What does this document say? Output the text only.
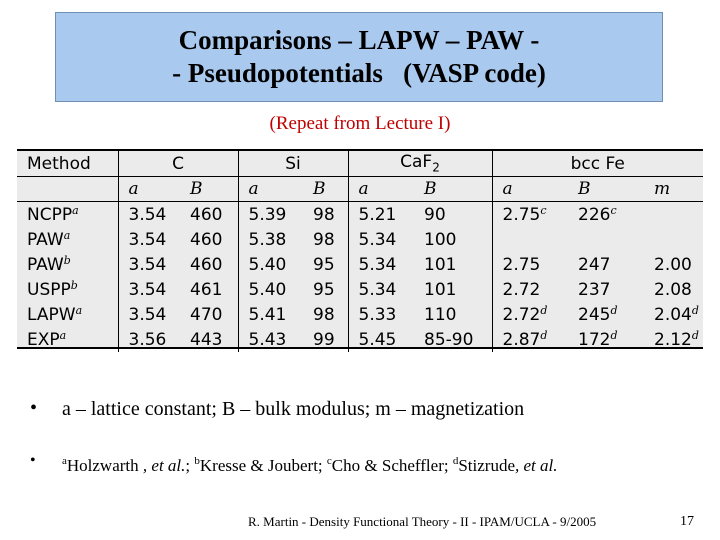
Comparisons – LAPW – PAW -
- Pseudopotentials   (VASP code)
(Repeat from Lecture I)
Method	C		Si		CaF$_2$		bcc Fe		
	a	B	a	B	a	B	a	B	m
NCPP$^a$	3.54	460	5.39	98	5.21	90	2.75$^c$	226$^c$	
PAW$^a$	3.54	460	5.38	98	5.34	100			
PAW$^b$	3.54	460	5.40	95	5.34	101	2.75	247	2.00
USPP$^b$	3.54	461	5.40	95	5.34	101	2.72	237	2.08
LAPW$^a$	3.54	470	5.41	98	5.33	110	2.72$^d$	245$^d$	2.04$^d$
EXP$^a$	3.56	443	5.43	99	5.45	85-90	2.87$^d$	172$^d$	2.12$^d$
• a – lattice constant; B – bulk modulus; m – magnetization
• $^a$Holzwarth , et al.; $^b$Kresse & Joubert; $^c$Cho & Scheffler; $^d$Stizrude, et al.
R. Martin - Density Functional Theory - II - IPAM/UCLA - 9/2005	17
